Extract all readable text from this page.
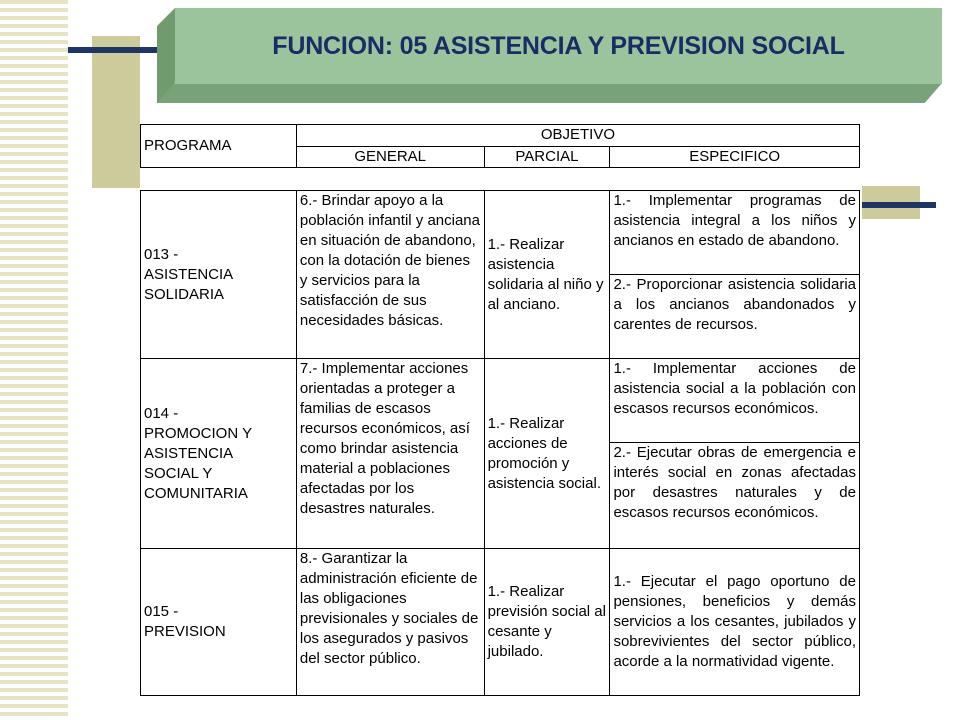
FUNCION: 05 ASISTENCIA Y PREVISION SOCIAL
PROGRAMA	OBJETIVO		
	GENERAL	PARCIAL	ESPECIFICO
013 -
ASISTENCIA
SOLIDARIA	6.- Brindar apoyo a la población infantil y anciana en situación de abandono, con la dotación de bienes y servicios para la satisfacción de sus necesidades básicas.	1.- Realizar asistencia solidaria al niño y al anciano.	1.- Implementar programas de asistencia integral a los niños y ancianos en estado de abandono.
			2.- Proporcionar asistencia solidaria a los ancianos abandonados y carentes de recursos.
014 -
PROMOCION Y
ASISTENCIA
SOCIAL Y
COMUNITARIA	7.- Implementar acciones orientadas a proteger a familias de escasos recursos económicos, así como brindar asistencia material a poblaciones afectadas por los desastres naturales.	1.- Realizar acciones de promoción y asistencia social.	1.- Implementar acciones de asistencia social a la población con escasos recursos económicos.
			2.- Ejecutar obras de emergencia e interés social en zonas afectadas por desastres naturales y de escasos recursos económicos.
015 -
PREVISION	8.- Garantizar la administración eficiente de las obligaciones previsionales y sociales de los asegurados y pasivos del sector público.	1.- Realizar previsión social al cesante y jubilado.	1.- Ejecutar el pago oportuno de pensiones, beneficios y demás servicios a los cesantes, jubilados y sobrevivientes del sector público, acorde a la normatividad vigente.
